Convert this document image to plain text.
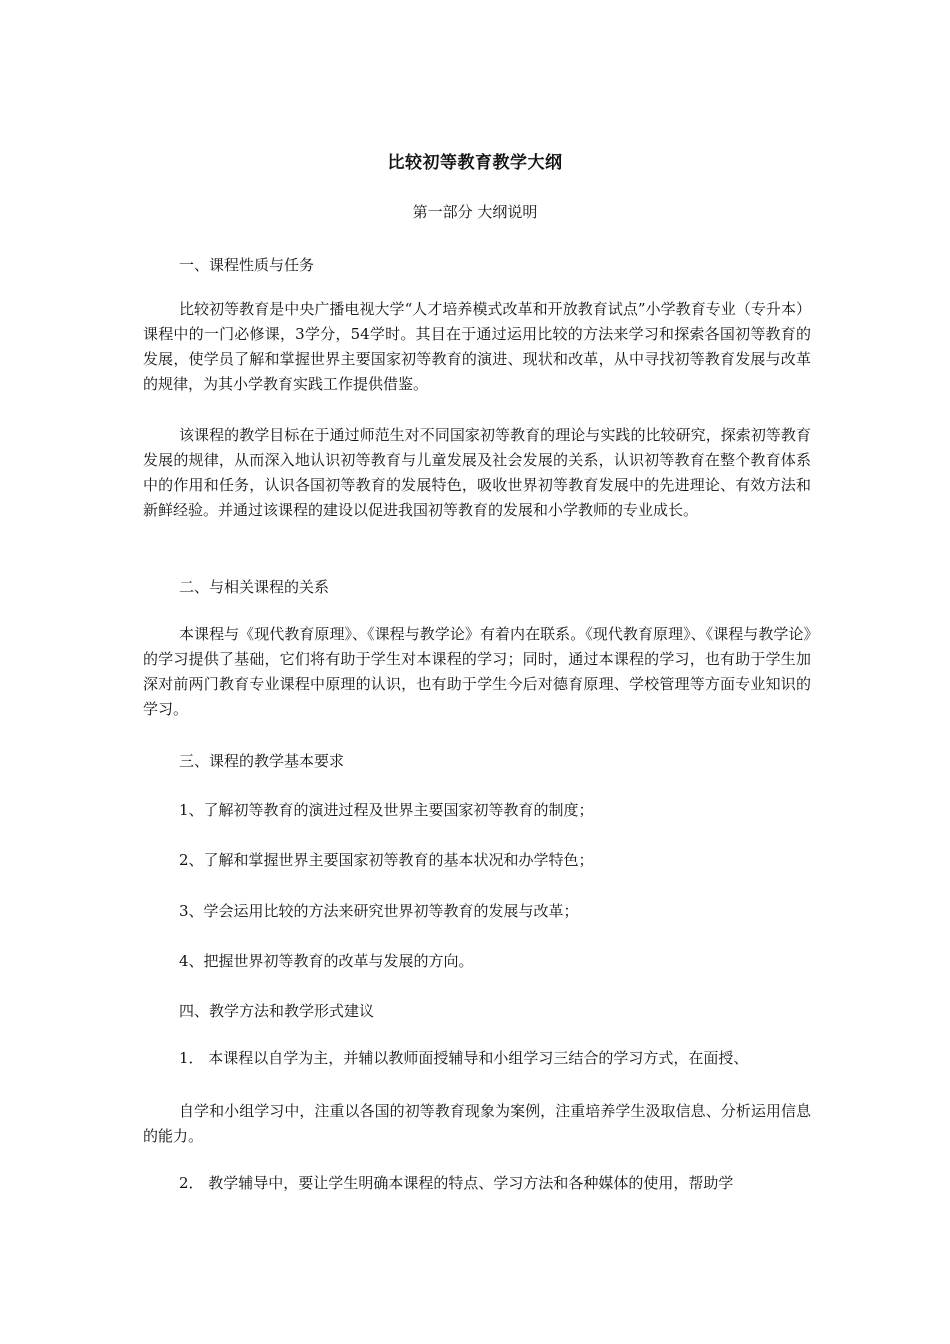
比较初等教育教学大纲
第一部分 大纲说明
一、课程性质与任务
比较初等教育是中央广播电视大学“人才培养模式改革和开放教育试点”小学教育专业（专升本）课程中的一门必修课，3学分，54学时。其目在于通过运用比较的方法来学习和探索各国初等教育的发展，使学员了解和掌握世界主要国家初等教育的演进、现状和改革，从中寻找初等教育发展与改革的规律，为其小学教育实践工作提供借鉴。
该课程的教学目标在于通过师范生对不同国家初等教育的理论与实践的比较研究，探索初等教育发展的规律，从而深入地认识初等教育与儿童发展及社会发展的关系，认识初等教育在整个教育体系中的作用和任务，认识各国初等教育的发展特色，吸收世界初等教育发展中的先进理论、有效方法和新鲜经验。并通过该课程的建设以促进我国初等教育的发展和小学教师的专业成长。
二、与相关课程的关系
本课程与《现代教育原理》、《课程与教学论》有着内在联系。《现代教育原理》、《课程与教学论》的学习提供了基础，它们将有助于学生对本课程的学习；同时，通过本课程的学习，也有助于学生加深对前两门教育专业课程中原理的认识，也有助于学生今后对德育原理、学校管理等方面专业知识的学习。
三、课程的教学基本要求
1、了解初等教育的演进过程及世界主要国家初等教育的制度；
2、了解和掌握世界主要国家初等教育的基本状况和办学特色；
3、学会运用比较的方法来研究世界初等教育的发展与改革；
4、把握世界初等教育的改革与发展的方向。
四、教学方法和教学形式建议
1． 本课程以自学为主，并辅以教师面授辅导和小组学习三结合的学习方式，在面授、
自学和小组学习中，注重以各国的初等教育现象为案例，注重培养学生汲取信息、分析运用信息的能力。
2． 教学辅导中，要让学生明确本课程的特点、学习方法和各种媒体的使用，帮助学
